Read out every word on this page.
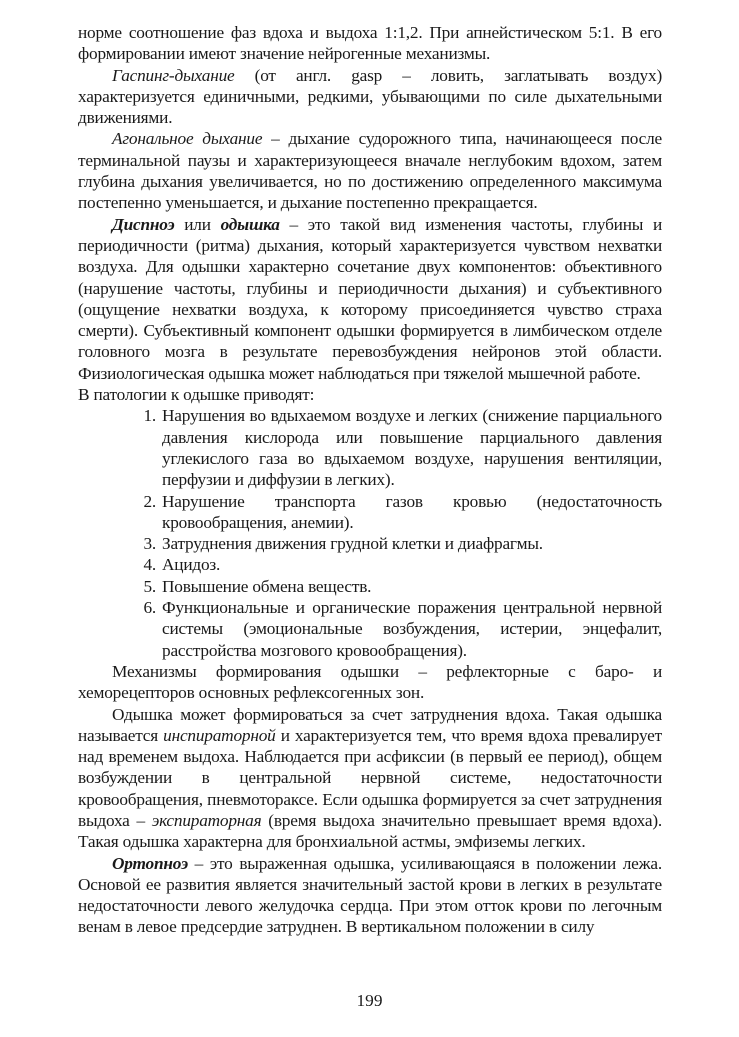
норме соотношение фаз вдоха и выдоха 1:1,2. При апнейстическом 5:1. В его формировании имеют значение нейрогенные механизмы.

Гаспинг-дыхание (от англ. gasp – ловить, заглатывать воздух) характеризуется единичными, редкими, убывающими по силе дыхательными движениями.

Агональное дыхание – дыхание судорожного типа, начинающееся после терминальной паузы и характеризующееся вначале неглубоким вдохом, затем глубина дыхания увеличивается, но по достижению определенного максимума постепенно уменьшается, и дыхание постепенно прекращается.

Диспноэ или одышка – это такой вид изменения частоты, глубины и периодичности (ритма) дыхания, который характеризуется чувством нехватки воздуха. Для одышки характерно сочетание двух компонентов: объективного (нарушение частоты, глубины и периодичности дыхания) и субъективного (ощущение нехватки воздуха, к которому присоединяется чувство страха смерти). Субъективный компонент одышки формируется в лимбическом отделе головного мозга в результате перевозбуждения нейронов этой области. Физиологическая одышка может наблюдаться при тяжелой мышечной работе.

В патологии к одышке приводят:

1. Нарушения во вдыхаемом воздухе и легких (снижение парциального давления кислорода или повышение парциального давления углекислого газа во вдыхаемом воздухе, нарушения вентиляции, перфузии и диффузии в легких).
2. Нарушение транспорта газов кровью (недостаточность кровообращения, анемии).
3. Затруднения движения грудной клетки и диафрагмы.
4. Ацидоз.
5. Повышение обмена веществ.
6. Функциональные и органические поражения центральной нервной системы (эмоциональные возбуждения, истерии, энцефалит, расстройства мозгового кровообращения).

Механизмы формирования одышки – рефлекторные с баро- и хеморецепторов основных рефлексогенных зон.

Одышка может формироваться за счет затруднения вдоха. Такая одышка называется инспираторной и характеризуется тем, что время вдоха превалирует над временем выдоха. Наблюдается при асфиксии (в первый ее период), общем возбуждении в центральной нервной системе, недостаточности кровообращения, пневмотораксе. Если одышка формируется за счет затруднения выдоха – экспираторная (время выдоха значительно превышает время вдоха). Такая одышка характерна для бронхиальной астмы, эмфиземы легких.

Ортопноэ – это выраженная одышка, усиливающаяся в положении лежа. Основой ее развития является значительный застой крови в легких в результате недостаточности левого желудочка сердца. При этом отток крови по легочным венам в левое предсердие затруднен. В вертикальном положении в силу

199
